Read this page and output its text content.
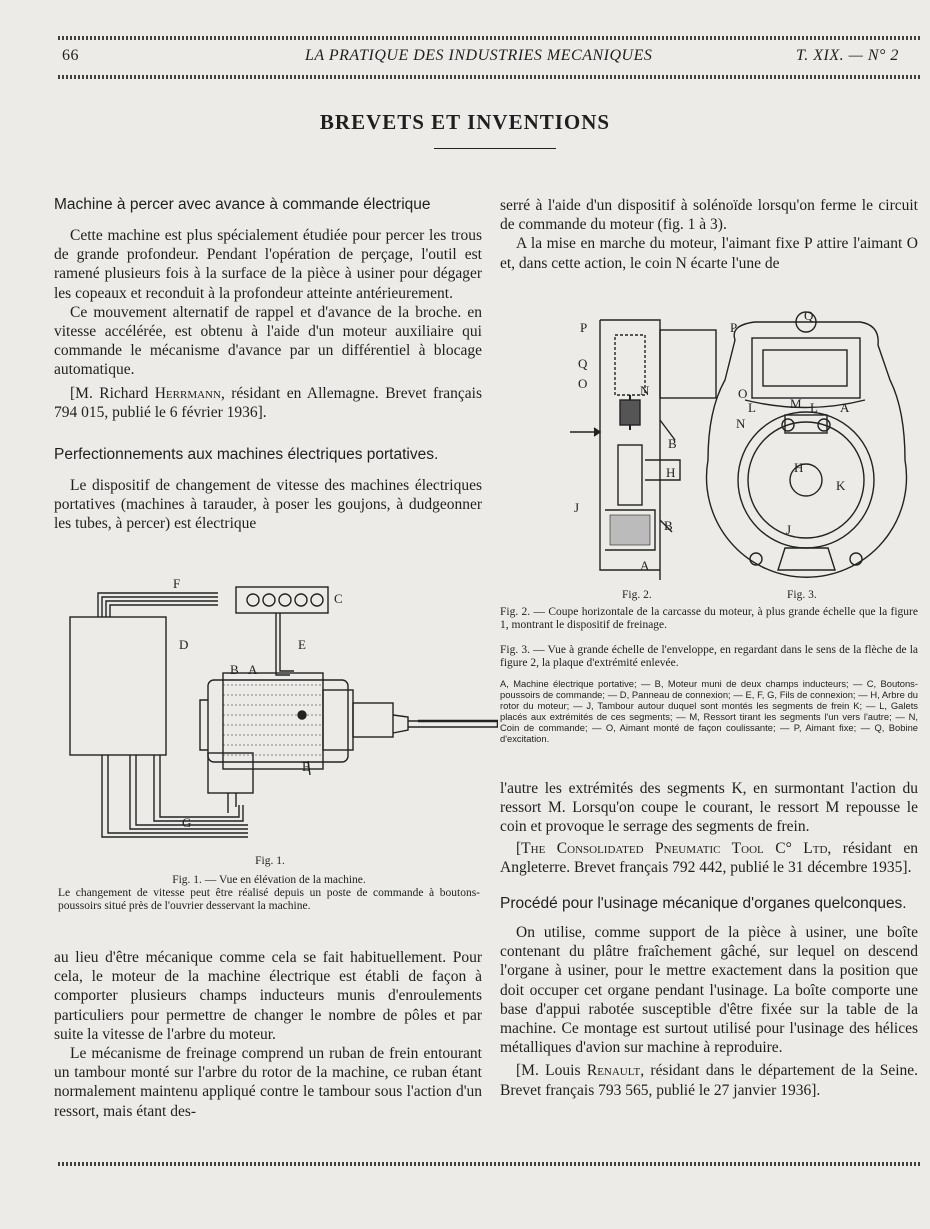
66	LA PRATIQUE DES INDUSTRIES MECANIQUES	T. XIX. — N° 2
BREVETS ET INVENTIONS
Machine à percer avec avance à commande électrique

Cette machine est plus spécialement étudiée pour percer les trous de grande profondeur. Pendant l'opération de perçage, l'outil est ramené plusieurs fois à la surface de la pièce à usiner pour dégager les copeaux et reconduit à la profondeur atteinte antérieurement.

Ce mouvement alternatif de rappel et d'avance de la broche. en vitesse accélérée, est obtenu à l'aide d'un moteur auxiliaire qui commande le mécanisme d'avance par un différentiel à blocage automatique.

[M. Richard Herrmann, résidant en Allemagne. Brevet français 794 015, publié le 6 février 1936].

Perfectionnements aux machines électriques portatives.

Le dispositif de changement de vitesse des machines électriques portatives (machines à tarauder, à poser les goujons, à dudgeonner les tubes, à percer) est électrique

F
C
D	E
B A
B
G
Fig. 1.
Fig. 1. — Vue en élévation de la machine.
Le changement de vitesse peut être réalisé depuis un poste de commande à boutons-poussoirs situé près de l'ouvrier desservant la machine.

au lieu d'être mécanique comme cela se fait habituellement. Pour cela, le moteur de la machine électrique est établi de façon à comporter plusieurs champs inducteurs munis d'enroulements particuliers pour permettre de changer le nombre de pôles et par suite la vitesse de l'arbre du moteur.

Le mécanisme de freinage comprend un ruban de frein entourant un tambour monté sur l'arbre du rotor de la machine, ce ruban étant normalement maintenu appliqué contre le tambour sous l'action d'un ressort, mais étant des-

serré à l'aide d'un dispositif à solénoïde lorsqu'on ferme le circuit de commande du moteur (fig. 1 à 3).

A la mise en marche du moteur, l'aimant fixe P attire l'aimant O et, dans cette action, le coin N écarte l'une de

P
Q
O	N
B
H
J
B
A
P
Q
O
L	M L A
N
H
K
J
Fig. 2.	Fig. 3.
Fig. 2. — Coupe horizontale de la carcasse du moteur, à plus grande échelle que la figure 1, montrant le dispositif de freinage.
Fig. 3. — Vue à grande échelle de l'enveloppe, en regardant dans le sens de la flèche de la figure 2, la plaque d'extrémité enlevée.
A, Machine électrique portative; — B, Moteur muni de deux champs inducteurs; — C, Boutons-poussoirs de commande; — D, Panneau de connexion; — E, F, G, Fils de connexion; — H, Arbre du rotor du moteur; — J, Tambour autour duquel sont montés les segments de frein K; — L, Galets placés aux extrémités de ces segments; — M, Ressort tirant les segments l'un vers l'autre; — N, Coin de commande; — O, Aimant monté de façon coulissante; — P, Aimant fixe; — Q, Bobine d'excitation.

l'autre les extrémités des segments K, en surmontant l'action du ressort M. Lorsqu'on coupe le courant, le ressort M repousse le coin et provoque le serrage des segments de frein.

[The Consolidated Pneumatic Tool C° Ltd, résidant en Angleterre. Brevet français 792 442, publié le 31 décembre 1935].

Procédé pour l'usinage mécanique d'organes quelconques.

On utilise, comme support de la pièce à usiner, une boîte contenant du plâtre fraîchement gâché, sur lequel on descend l'organe à usiner, pour le mettre exactement dans la position que doit occuper cet organe pendant l'usinage. La boîte comporte une base d'appui rabotée susceptible d'être fixée sur la table de la machine. Ce montage est surtout utilisé pour l'usinage des hélices métalliques d'avion sur machine à reproduire.

[M. Louis Renault, résidant dans le département de la Seine. Brevet français 793 565, publié le 27 janvier 1936].
